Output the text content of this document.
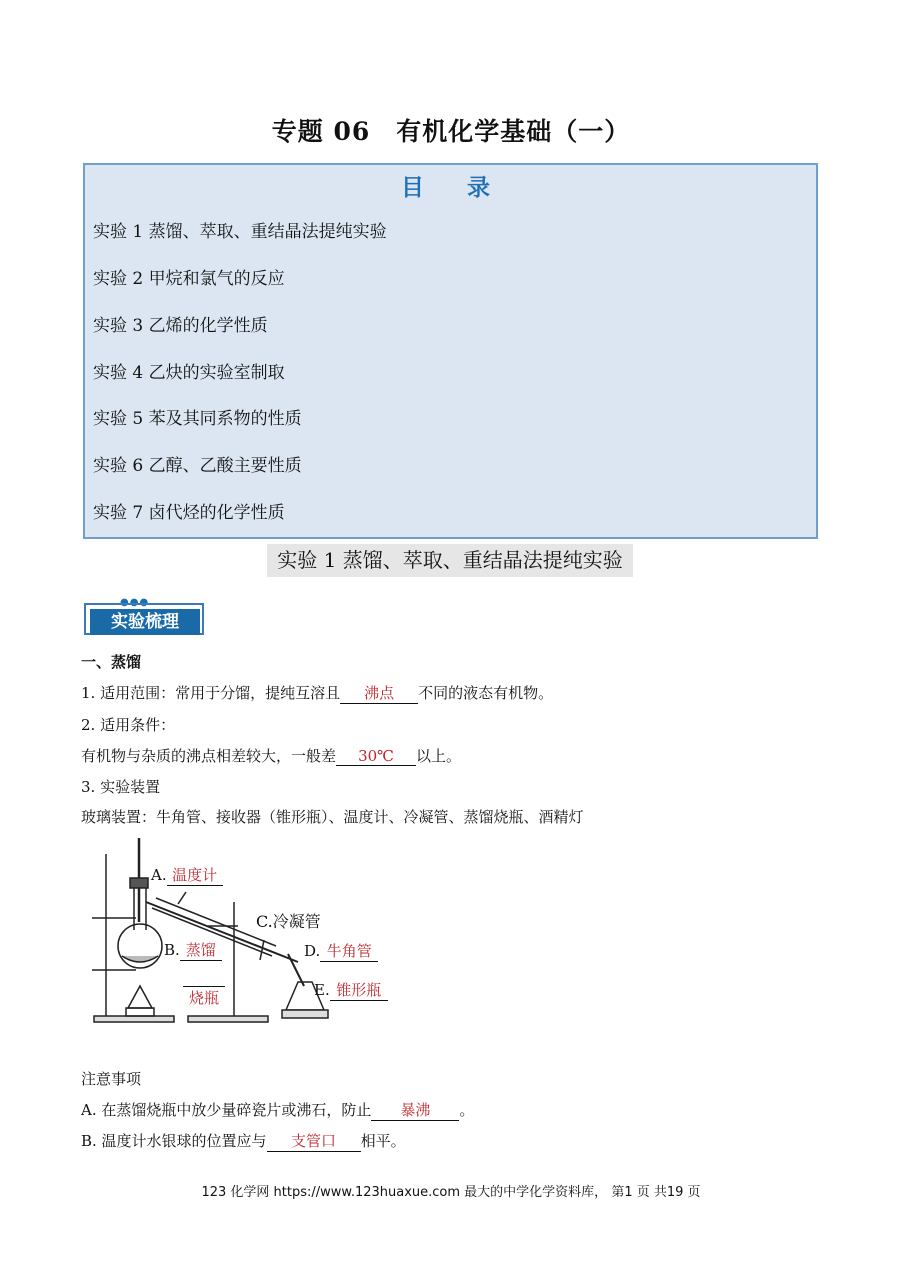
专题 06　有机化学基础（一）
目　录
实验 1 蒸馏、萃取、重结晶法提纯实验
实验 2 甲烷和氯气的反应
实验 3 乙烯的化学性质
实验 4 乙炔的实验室制取
实验 5 苯及其同系物的性质
实验 6 乙醇、乙酸主要性质
实验 7 卤代烃的化学性质
实验 1 蒸馏、萃取、重结晶法提纯实验
●●●
实验梳理
一、蒸馏
1. 适用范围：常用于分馏，提纯互溶且 沸点 不同的液态有机物。
2. 适用条件：
有机物与杂质的沸点相差较大，一般差 30℃ 以上。
3. 实验装置
玻璃装置：牛角管、接收器（锥形瓶）、温度计、冷凝管、蒸馏烧瓶、酒精灯
A. 温度计
C.冷凝管
B. 蒸馏
烧瓶
D. 牛角管
E. 锥形瓶
注意事项
A. 在蒸馏烧瓶中放少量碎瓷片或沸石，防止 暴沸 。
B. 温度计水银球的位置应与 支管口 相平。
123 化学网 https://www.123huaxue.com 最大的中学化学资料库， 第1 页 共19 页
